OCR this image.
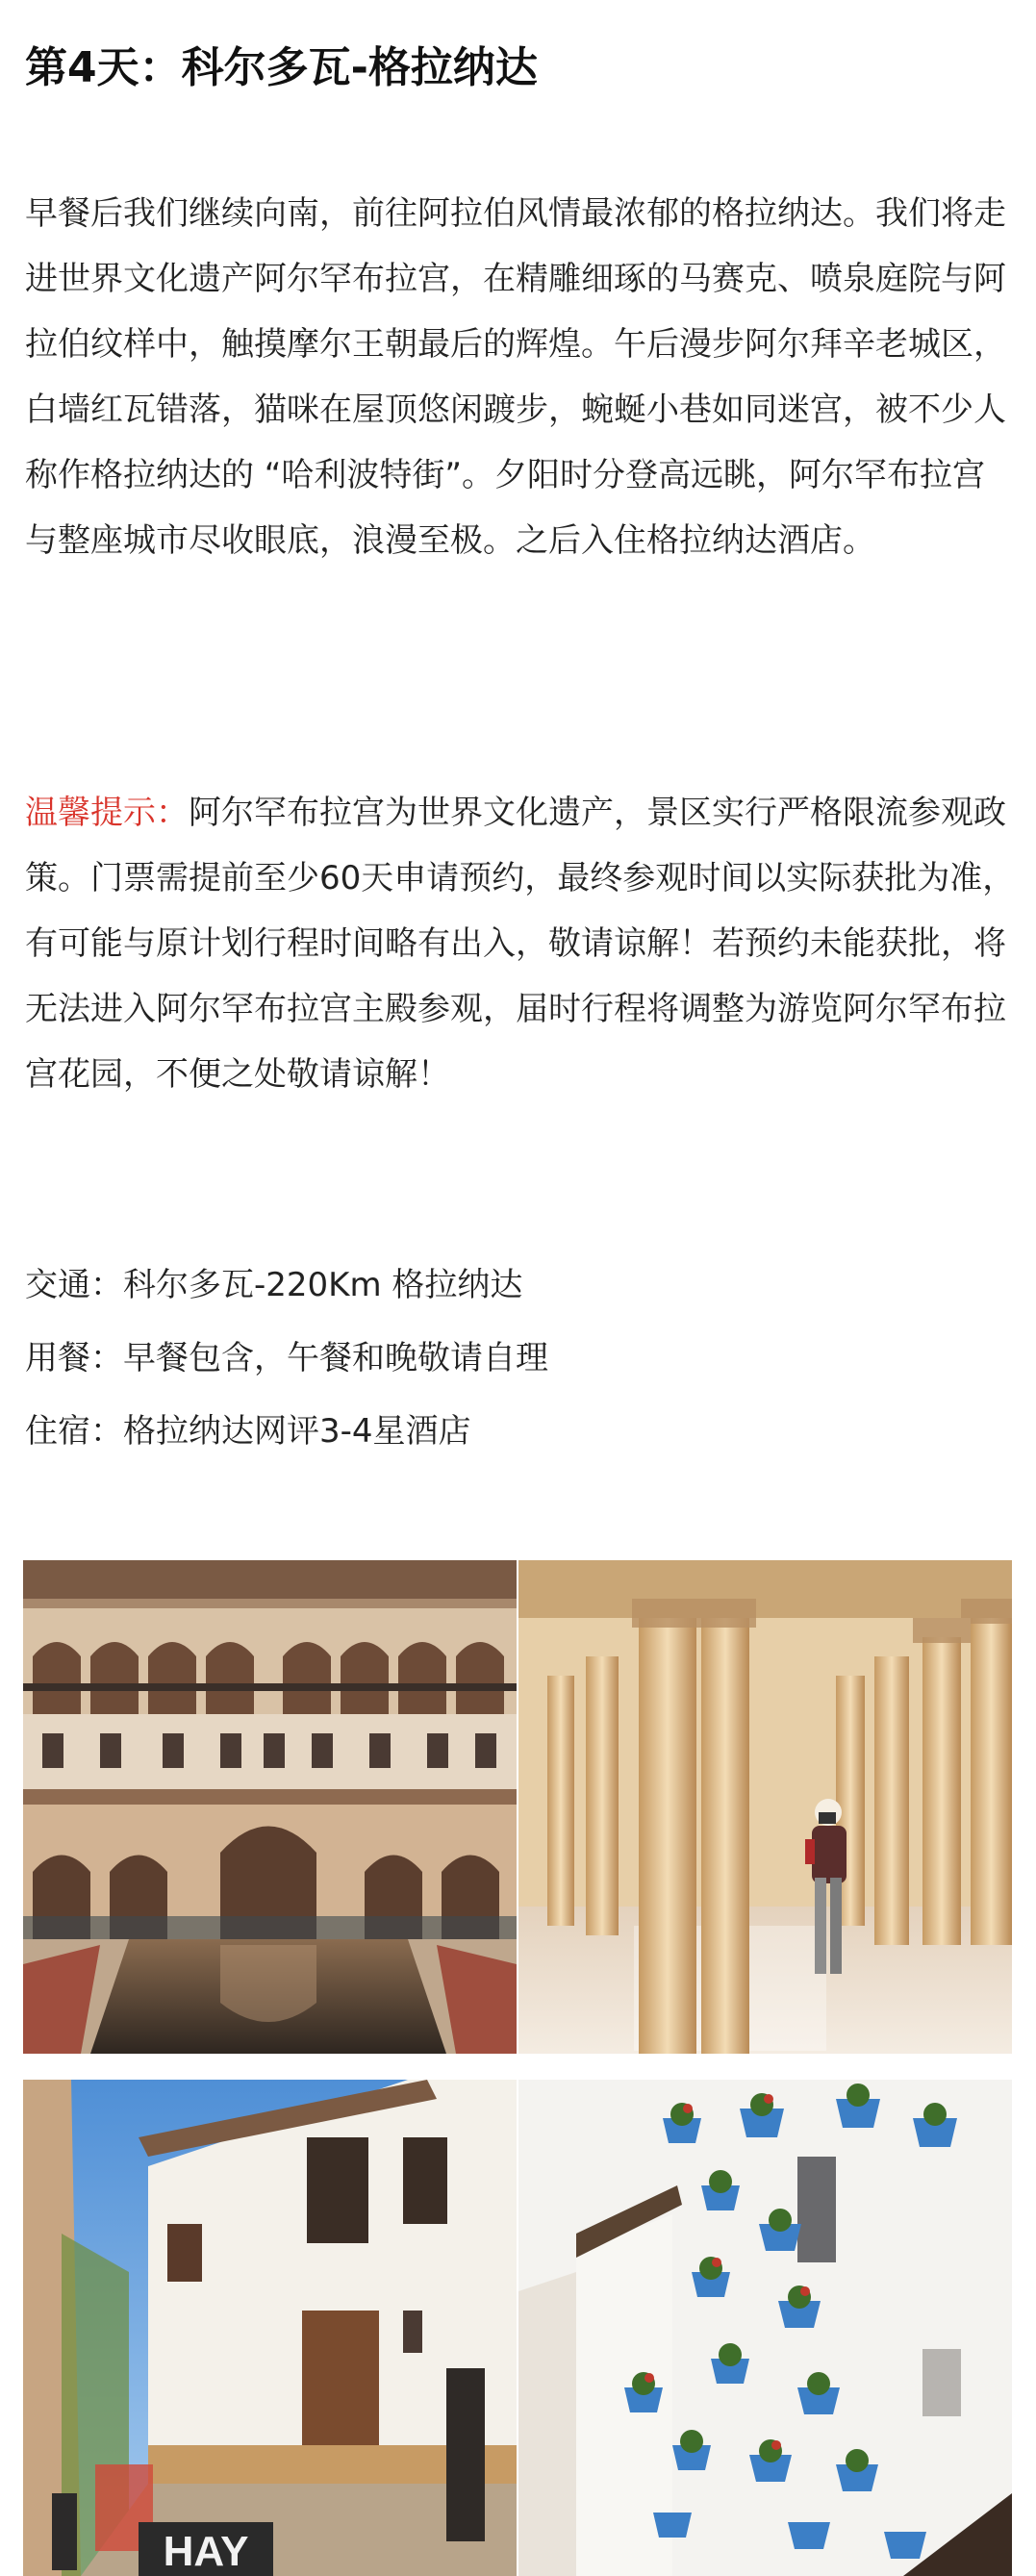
第4天：科尔多瓦-格拉纳达

早餐后我们继续向南，前往阿拉伯风情最浓郁的格拉纳达。我们将走进世界文化遗产阿尔罕布拉宫，在精雕细琢的马赛克、喷泉庭院与阿拉伯纹样中，触摸摩尔王朝最后的辉煌。午后漫步阿尔拜辛老城区，白墙红瓦错落，猫咪在屋顶悠闲踱步，蜿蜒小巷如同迷宫，被不少人称作格拉纳达的 “哈利波特街”。夕阳时分登高远眺，阿尔罕布拉宫与整座城市尽收眼底，浪漫至极。之后入住格拉纳达酒店。

温馨提示：阿尔罕布拉宫为世界文化遗产，景区实行严格限流参观政策。门票需提前至少60天申请预约，最终参观时间以实际获批为准，有可能与原计划行程时间略有出入，敬请谅解！若预约未能获批，将无法进入阿尔罕布拉宫主殿参观，届时行程将调整为游览阿尔罕布拉宫花园，不便之处敬请谅解！

交通：科尔多瓦-220Km 格拉纳达
用餐：早餐包含，午餐和晚敬请自理
住宿：格拉纳达网评3-4星酒店
HAY
